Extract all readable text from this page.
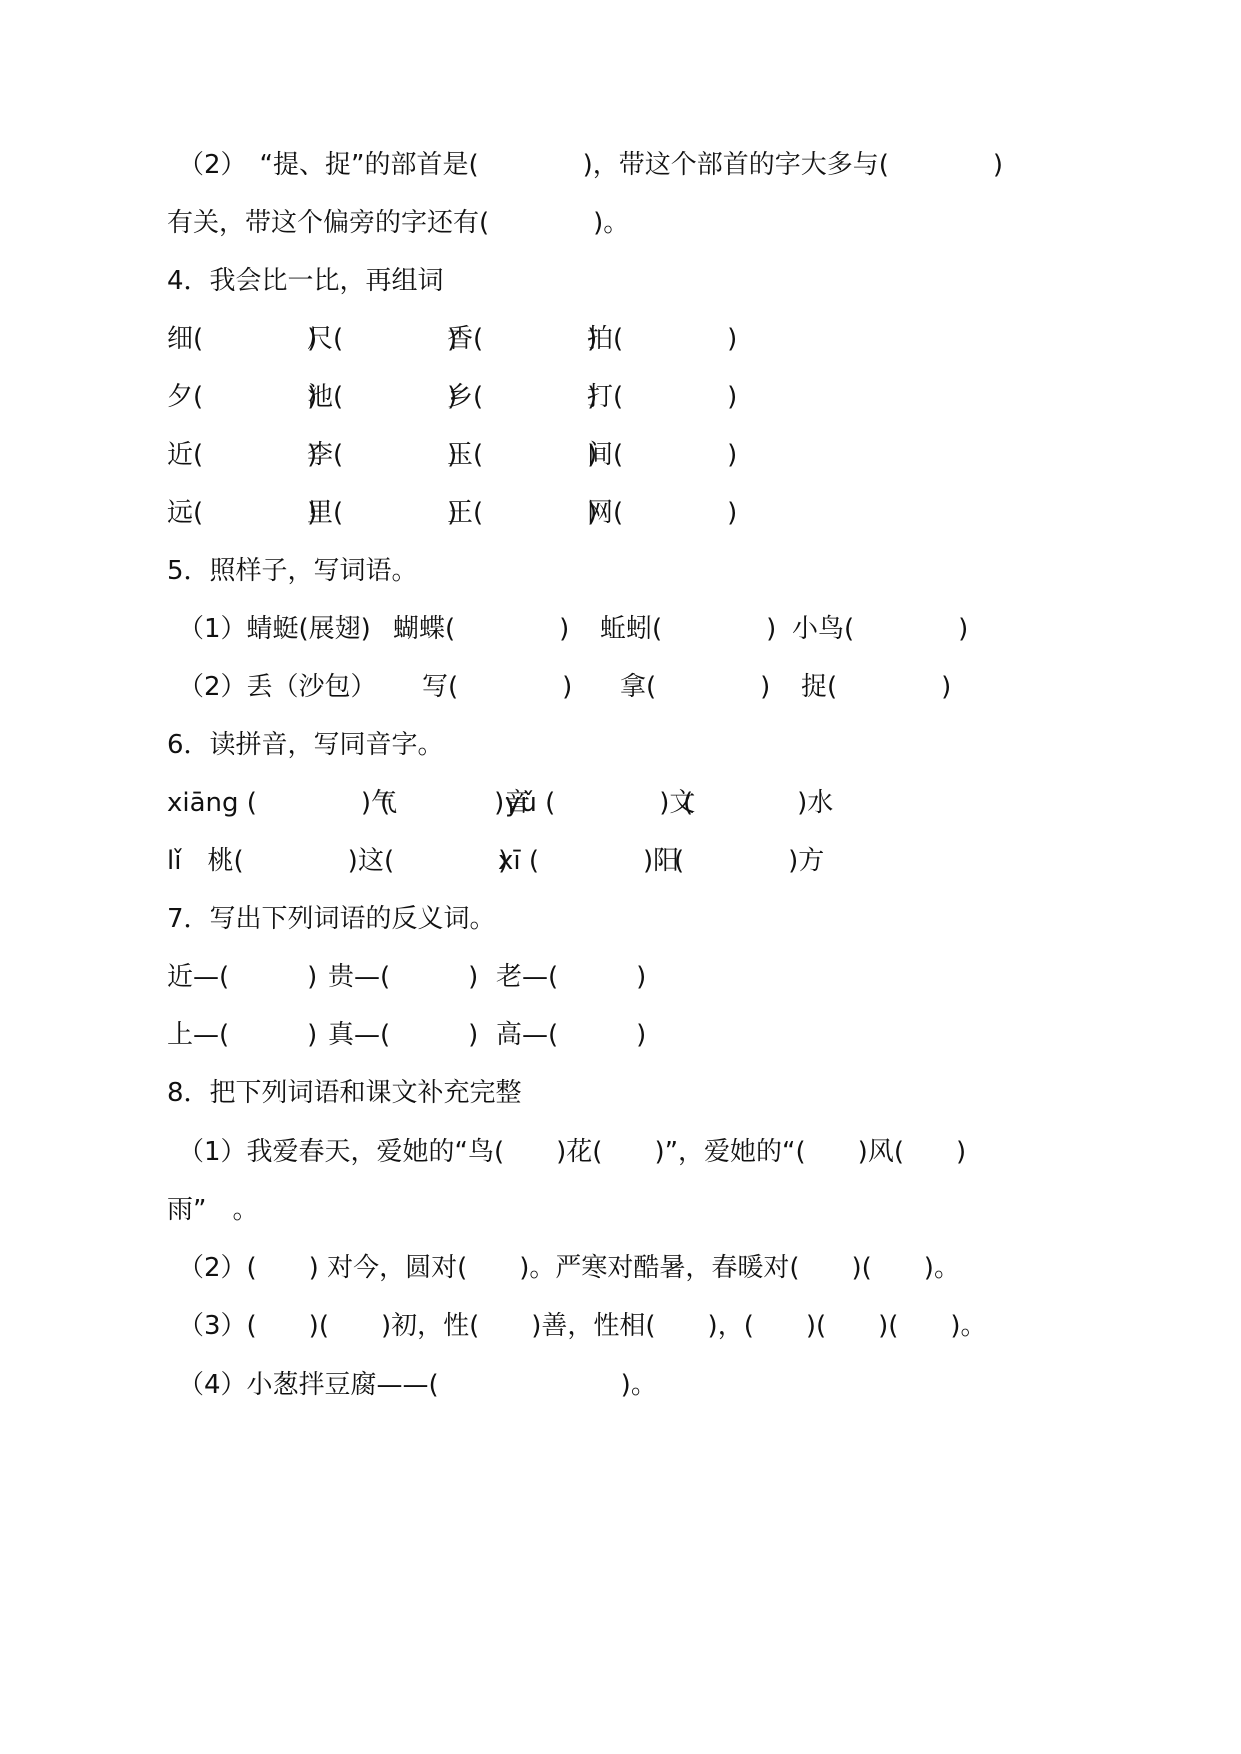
（2）　“提、捉”的部首是(　　　　)，带这个部首的字大多与(　　　　)
有关，带这个偏旁的字还有(　　　　)。
4．我会比一比，再组词
细(　　　　)
尺(　　　　)
香(　　　　)
拍(　　　　)
夕(　　　　)
池(　　　　)
乡(　　　　)
打(　　　　)
近(　　　　)
李(　　　　)
玉(　　　　)
间(　　　　)
远(　　　　)
里(　　　　)
王(　　　　)
网(　　　　)
5．照样子，写词语。
（1）蜻蜓(展翅) 蝴蝶(　　　　) 蚯蚓(　　　　) 小鸟(　　　　)
（2）丢（沙包） 写(　　　　) 拿(　　　　) 捉(　　　　)
6．读拼音，写同音字。
xiāng (　　　　)气
(　　　　)音
yǔ (　　　　)文
(　　　　)水
lǐ　桃(　　　　) 这(　　　　)
xī (　　　　)阳
(　　　　)方
7．写出下列词语的反义词。
近—(　　　) 贵—(　　　) 老—(　　　)
上—(　　　) 真—(　　　) 高—(　　　)
8．把下列词语和课文补充完整
（1）我爱春天，爱她的“鸟(　　)花(　　)”，爱她的“(　　)风(　　)
雨”　。
（2）(　　) 对今，圆对(　　)。严寒对酷暑，春暖对(　　)(　　)。
（3）(　　)(　　)初，性(　　)善，性相(　　)，(　　)(　　)(　　)。
（4）小葱拌豆腐——(　　　　　　　)。
